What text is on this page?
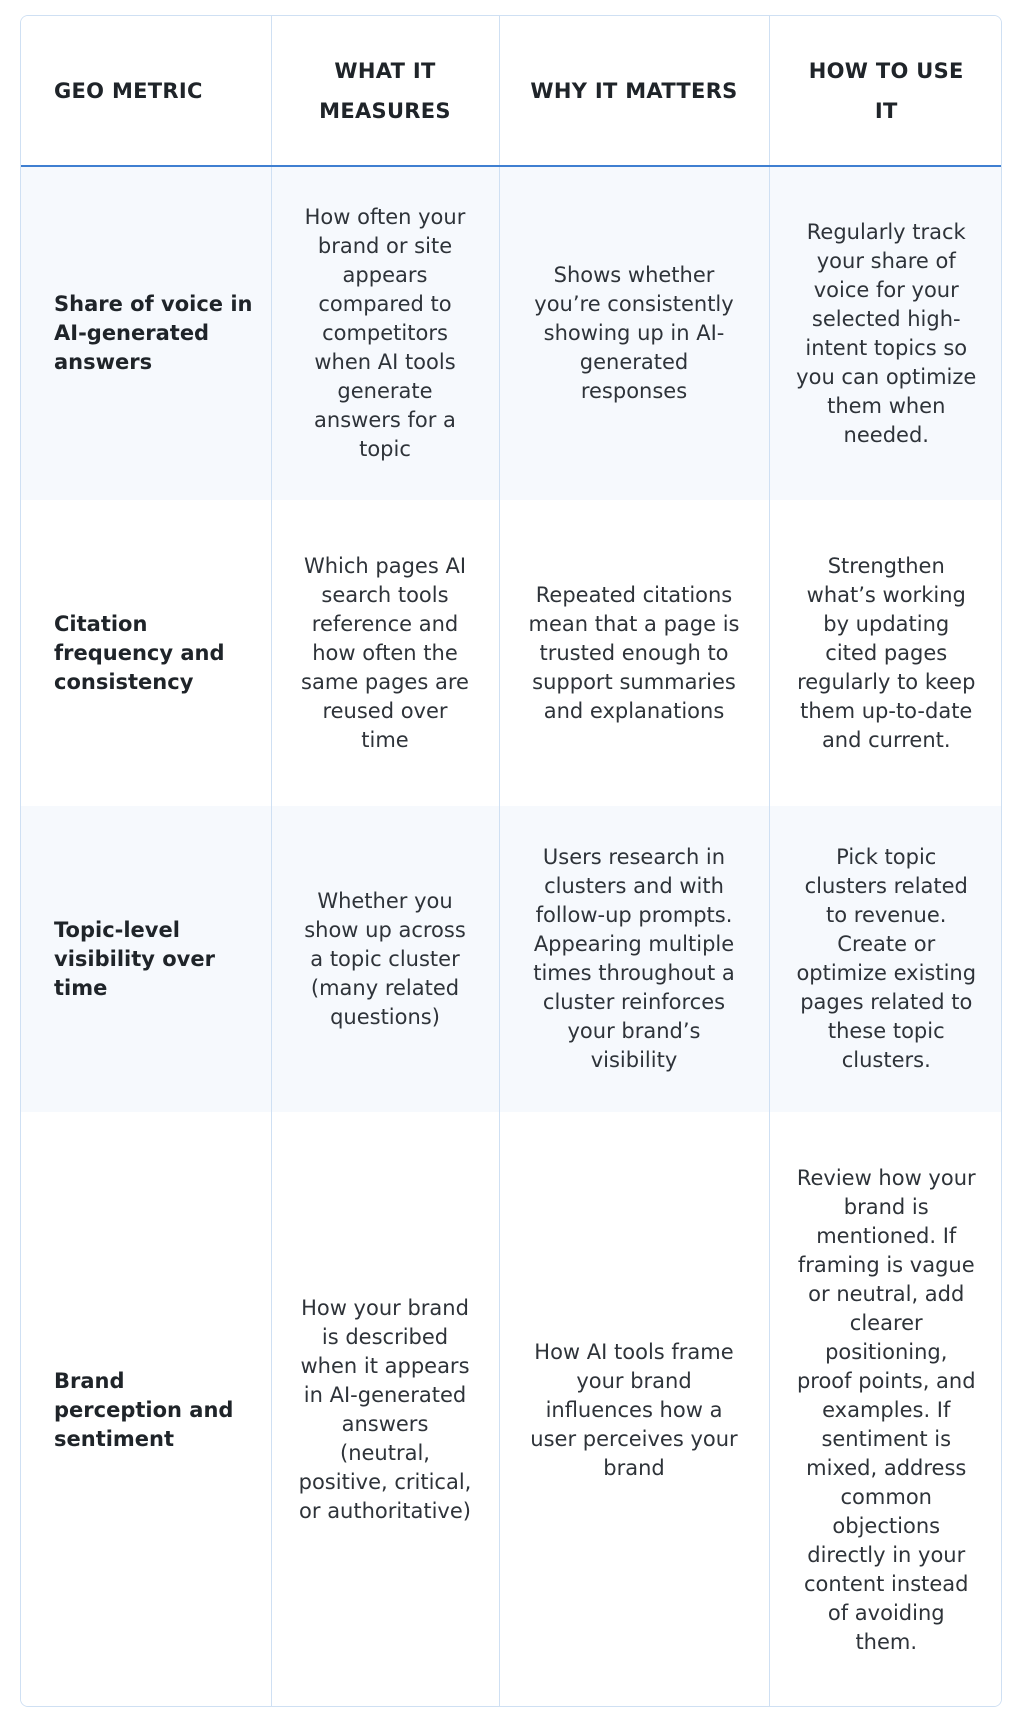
GEO METRIC	WHAT IT MEASURES	WHY IT MATTERS	HOW TO USE IT
Share of voice in AI-generated answers	How often your brand or site appears compared to competitors when AI tools generate answers for a topic	Shows whether you’re consistently showing up in AI-generated responses	Regularly track your share of voice for your selected high-intent topics so you can optimize them when needed.
Citation frequency and consistency	Which pages AI search tools reference and how often the same pages are reused over time	Repeated citations mean that a page is trusted enough to support summaries and explanations	Strengthen what’s working by updating cited pages regularly to keep them up-to-date and current.
Topic-level visibility over time	Whether you show up across a topic cluster (many related questions)	Users research in clusters and with follow-up prompts. Appearing multiple times throughout a cluster reinforces your brand’s visibility	Pick topic clusters related to revenue. Create or optimize existing pages related to these topic clusters.
Brand perception and sentiment	How your brand is described when it appears in AI-generated answers (neutral, positive, critical, or authoritative)	How AI tools frame your brand influences how a user perceives your brand	Review how your brand is mentioned. If framing is vague or neutral, add clearer positioning, proof points, and examples. If sentiment is mixed, address common objections directly in your content instead of avoiding them.
